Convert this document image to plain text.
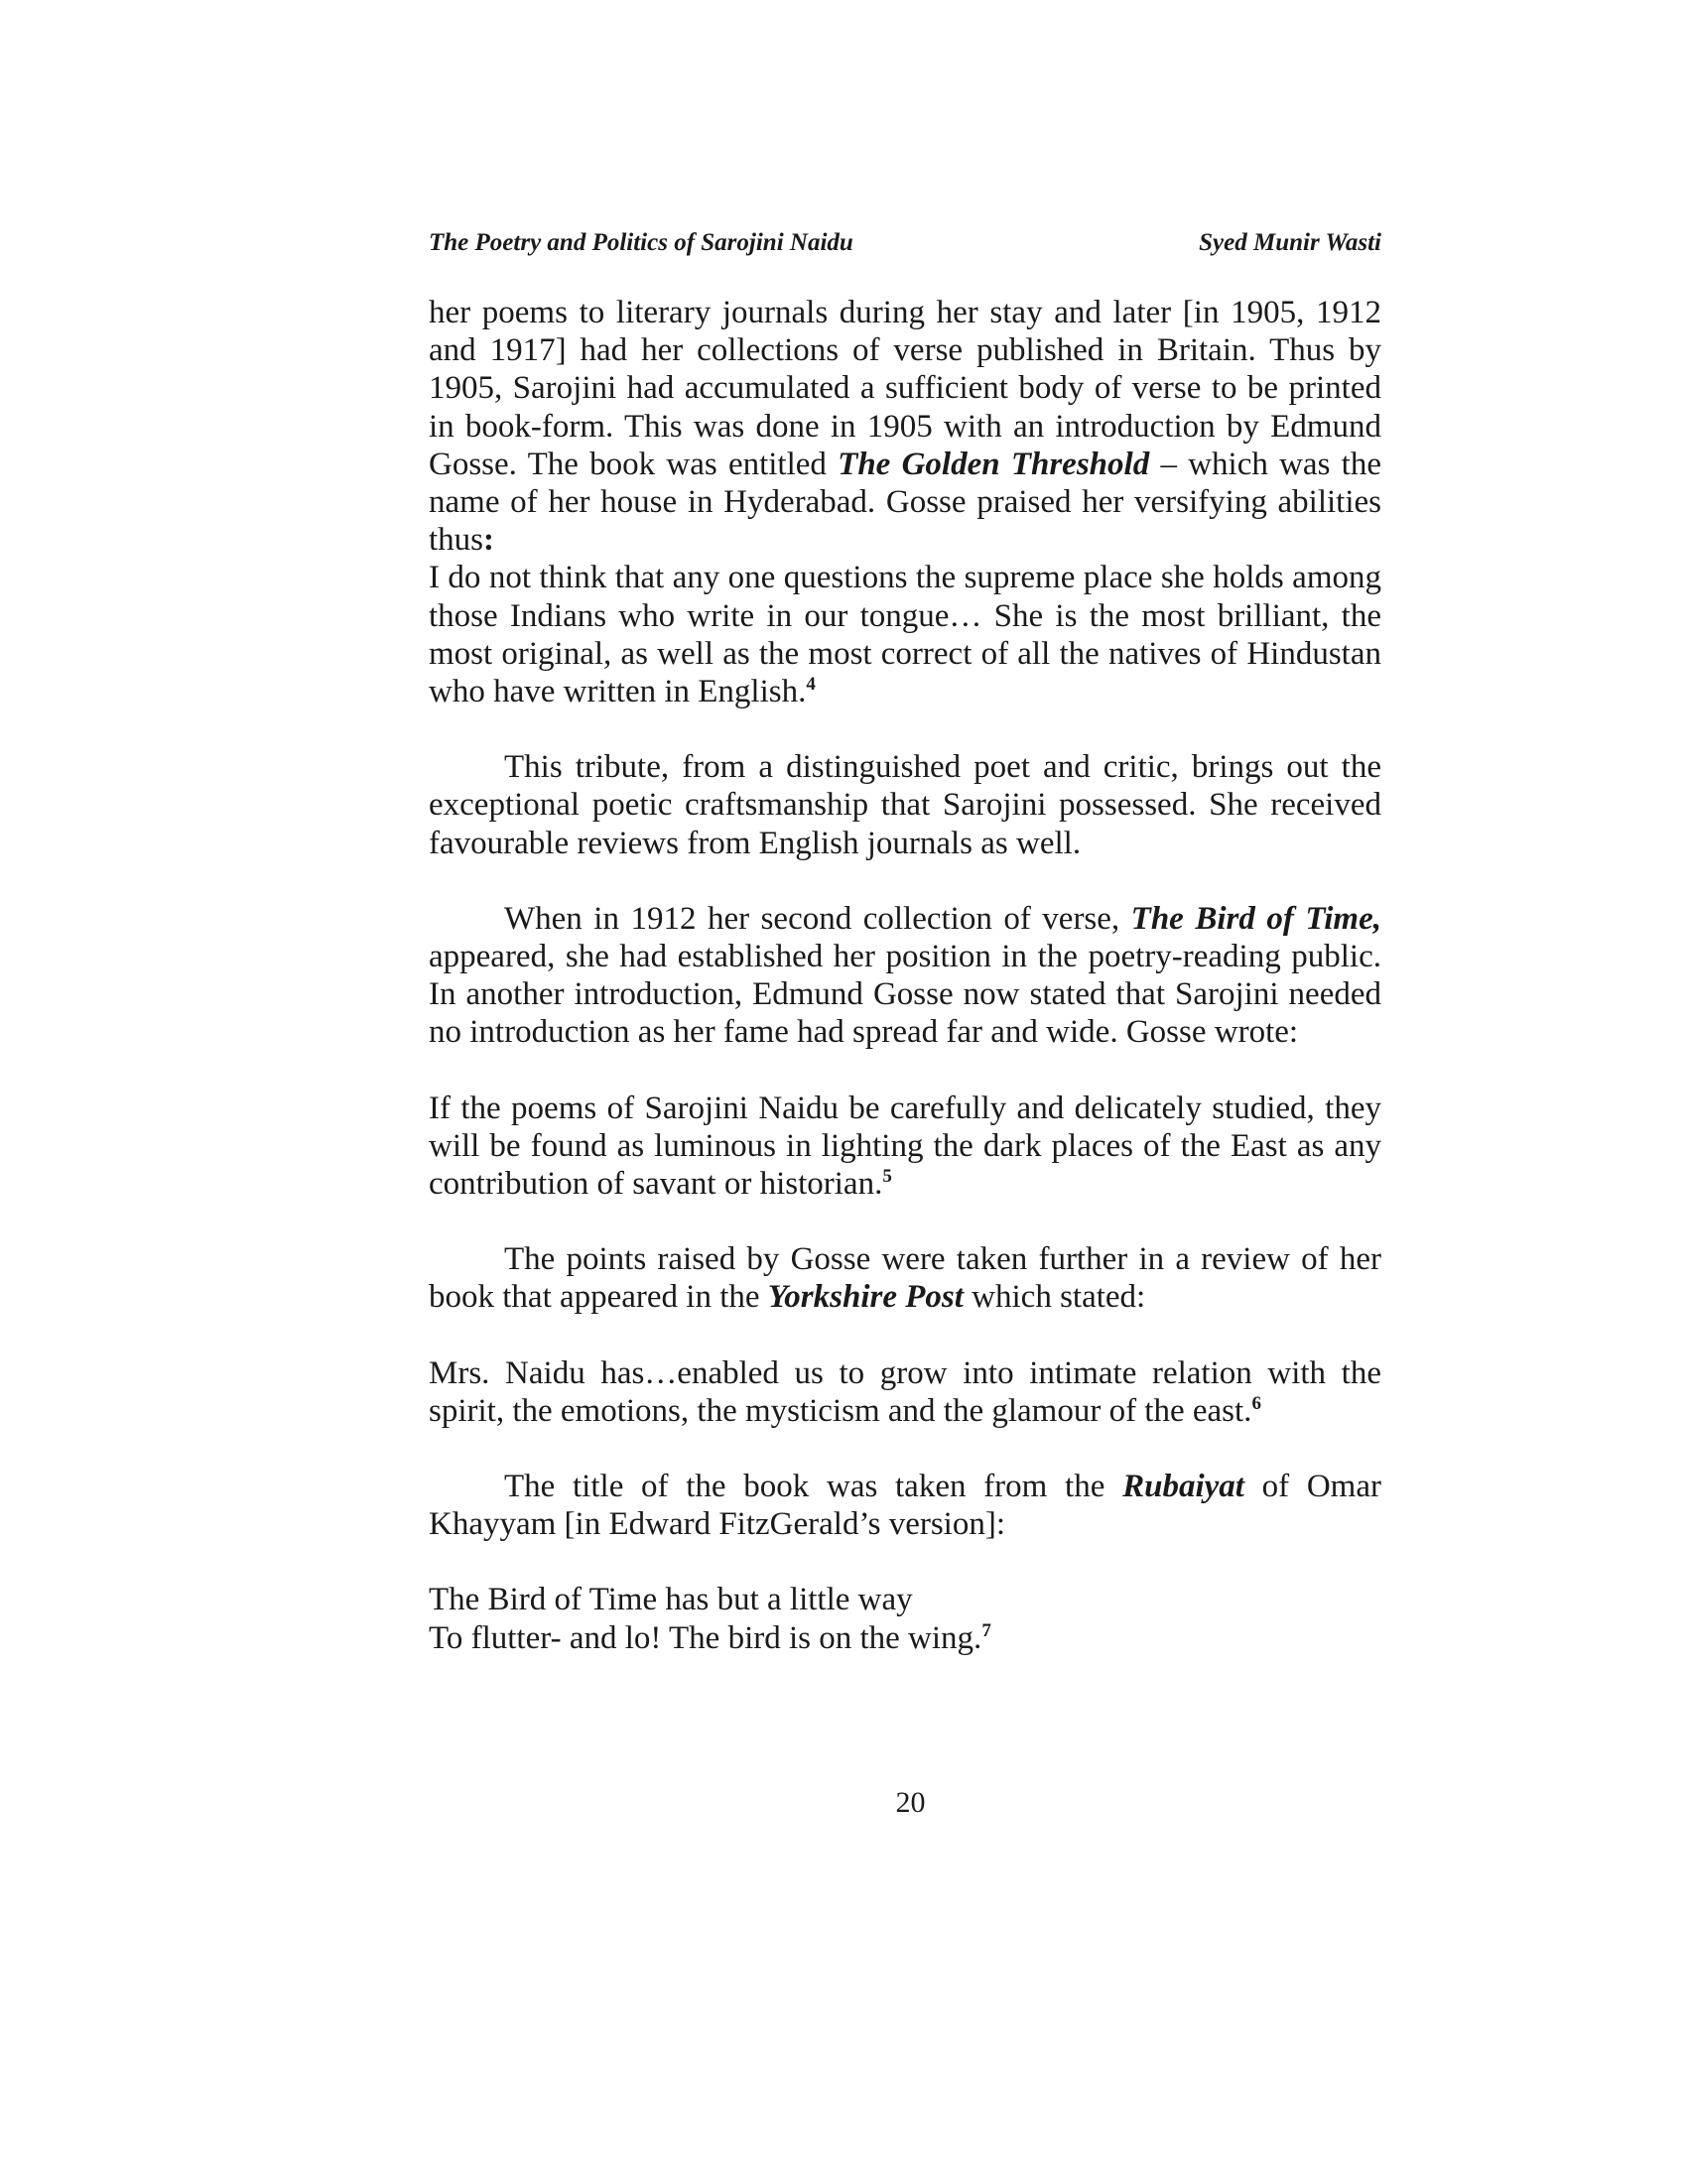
The Poetry and Politics of Sarojini Naidu	Syed Munir Wasti

her poems to literary journals during her stay and later [in 1905, 1912 and 1917] had her collections of verse published in Britain. Thus by 1905, Sarojini had accumulated a sufficient body of verse to be printed in book-form. This was done in 1905 with an introduction by Edmund Gosse. The book was entitled The Golden Threshold – which was the name of her house in Hyderabad. Gosse praised her versifying abilities thus:

I do not think that any one questions the supreme place she holds among those Indians who write in our tongue… She is the most brilliant, the most original, as well as the most correct of all the natives of Hindustan who have written in English.$^4$

This tribute, from a distinguished poet and critic, brings out the exceptional poetic craftsmanship that Sarojini possessed. She received favourable reviews from English journals as well.

When in 1912 her second collection of verse, The Bird of Time, appeared, she had established her position in the poetry-reading public. In another introduction, Edmund Gosse now stated that Sarojini needed no introduction as her fame had spread far and wide. Gosse wrote:

If the poems of Sarojini Naidu be carefully and delicately studied, they will be found as luminous in lighting the dark places of the East as any contribution of savant or historian.$^5$

The points raised by Gosse were taken further in a review of her book that appeared in the Yorkshire Post which stated:

Mrs. Naidu has…enabled us to grow into intimate relation with the spirit, the emotions, the mysticism and the glamour of the east.$^6$

The title of the book was taken from the Rubaiyat of Omar Khayyam [in Edward FitzGerald’s version]:

The Bird of Time has but a little way

To flutter- and lo! The bird is on the wing.$^7$

20
